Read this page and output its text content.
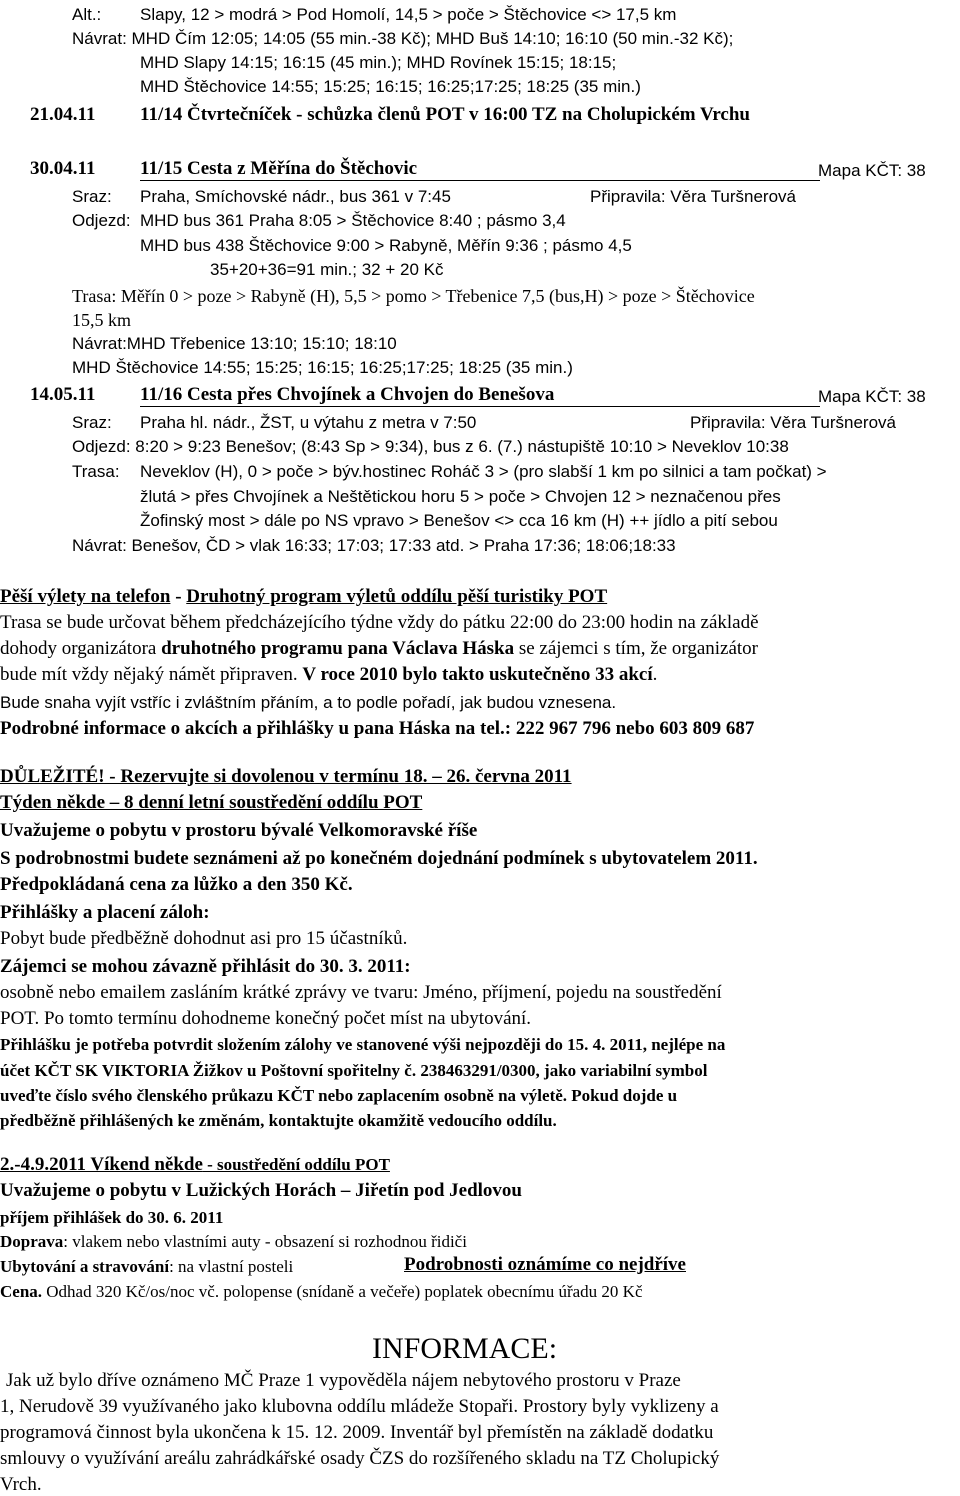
Alt.: Slapy, 12 > modrá > Pod Homolí, 14,5 > poče > Štěchovice <> 17,5 km
Návrat: MHD Čím 12:05; 14:05 (55 min.-38 Kč); MHD Buš 14:10; 16:10 (50 min.-32 Kč);
MHD Slapy 14:15; 16:15 (45 min.); MHD Rovínek 15:15; 18:15;
MHD Štěchovice 14:55; 15:25; 16:15; 16:25;17:25; 18:25 (35 min.)
21.04.11 11/14 Čtvrtečníček - schůzka členů POT v 16:00 TZ na Cholupickém Vrchu
30.04.11 11/15 Cesta z Měřína do Štěchovic	Mapa KČT: 38
Sraz: Praha, Smíchovské nádr., bus 361 v 7:45	Připravila: Věra Turšnerová
Odjezd: MHD bus 361 Praha 8:05 > Štěchovice 8:40 ; pásmo 3,4
MHD bus 438 Štěchovice 9:00 > Rabyně, Měřín 9:36 ; pásmo 4,5
35+20+36=91 min.; 32 + 20 Kč
Trasa: Měřín 0 > poze > Rabyně (H), 5,5 > pomo > Třebenice 7,5 (bus,H) > poze > Štěchovice
15,5 km
Návrat:MHD Třebenice 13:10; 15:10; 18:10
MHD Štěchovice 14:55; 15:25; 16:15; 16:25;17:25; 18:25 (35 min.)
14.05.11 11/16 Cesta přes Chvojínek a Chvojen do Benešova	Mapa KČT: 38
Sraz: Praha hl. nádr., ŽST, u výtahu z metra v 7:50	Připravila: Věra Turšnerová
Odjezd: 8:20 > 9:23 Benešov; (8:43 Sp > 9:34), bus z 6. (7.) nástupiště 10:10 > Neveklov 10:38
Trasa: Neveklov (H), 0 > poče > býv.hostinec Roháč 3 > (pro slabší 1 km po silnici a tam počkat) >
žlutá > přes Chvojínek a Neštětickou horu 5 > poče > Chvojen 12 > neznačenou přes
Žofinský most > dále po NS vpravo > Benešov <> cca 16 km (H) ++ jídlo a pití sebou
Návrat: Benešov, ČD > vlak 16:33; 17:03; 17:33 atd. > Praha 17:36; 18:06;18:33
Pěší výlety na telefon - Druhotný program výletů oddílu pěší turistiky POT
Trasa se bude určovat během předcházejícího týdne vždy do pátku 22:00 do 23:00 hodin na základě
dohody organizátora druhotného programu pana Václava Háska se zájemci s tím, že organizátor
bude mít vždy nějaký námět připraven. V roce 2010 bylo takto uskutečněno 33 akcí.
Bude snaha vyjít vstříc i zvláštním přáním, a to podle pořadí, jak budou vznesena.
Podrobné informace o akcích a přihlášky u pana Háska na tel.: 222 967 796 nebo 603 809 687
DŮLEŽITÉ! - Rezervujte si dovolenou v termínu 18. – 26. června 2011
Týden někde – 8 denní letní soustředění oddílu POT
Uvažujeme o pobytu v prostoru bývalé Velkomoravské říše
S podrobnostmi budete seznámeni až po konečném dojednání podmínek s ubytovatelem 2011.
Předpokládaná cena za lůžko a den 350 Kč.
Přihlášky a placení záloh:
Pobyt bude předběžně dohodnut asi pro 15 účastníků.
Zájemci se mohou závazně přihlásit do 30. 3. 2011:
osobně nebo emailem zasláním krátké zprávy ve tvaru: Jméno, příjmení, pojedu na soustředění
POT. Po tomto termínu dohodneme konečný počet míst na ubytování.
Přihlášku je potřeba potvrdit složením zálohy ve stanovené výši nejpozději do 15. 4. 2011, nejlépe na
účet KČT SK VIKTORIA Žižkov u Poštovní spořitelny č. 238463291/0300, jako variabilní symbol
uveďte číslo svého členského průkazu KČT nebo zaplacením osobně na výletě. Pokud dojde u
předběžně přihlášených ke změnám, kontaktujte okamžitě vedoucího oddílu.
2.-4.9.2011 Víkend někde - soustředění oddílu POT
Uvažujeme o pobytu v Lužických Horách – Jiřetín pod Jedlovou
příjem přihlášek do 30. 6. 2011
Doprava: vlakem nebo vlastními auty - obsazení si rozhodnou řidiči
Ubytování a stravování: na vlastní posteli	Podrobnosti oznámíme co nejdříve
Cena. Odhad 320 Kč/os/noc vč. polopense (snídaně a večeře) poplatek obecnímu úřadu 20 Kč
INFORMACE:
Jak už bylo dříve oznámeno MČ Praze 1 vypověděla nájem nebytového prostoru v Praze
1, Nerudově 39 využívaného jako klubovna oddílu mládeže Stopaři. Prostory byly vyklizeny a
programová činnost byla ukončena k 15. 12. 2009. Inventář byl přemístěn na základě dodatku
smlouvy o využívání areálu zahrádkářské osady ČZS do rozšířeného skladu na TZ Cholupický
Vrch.
